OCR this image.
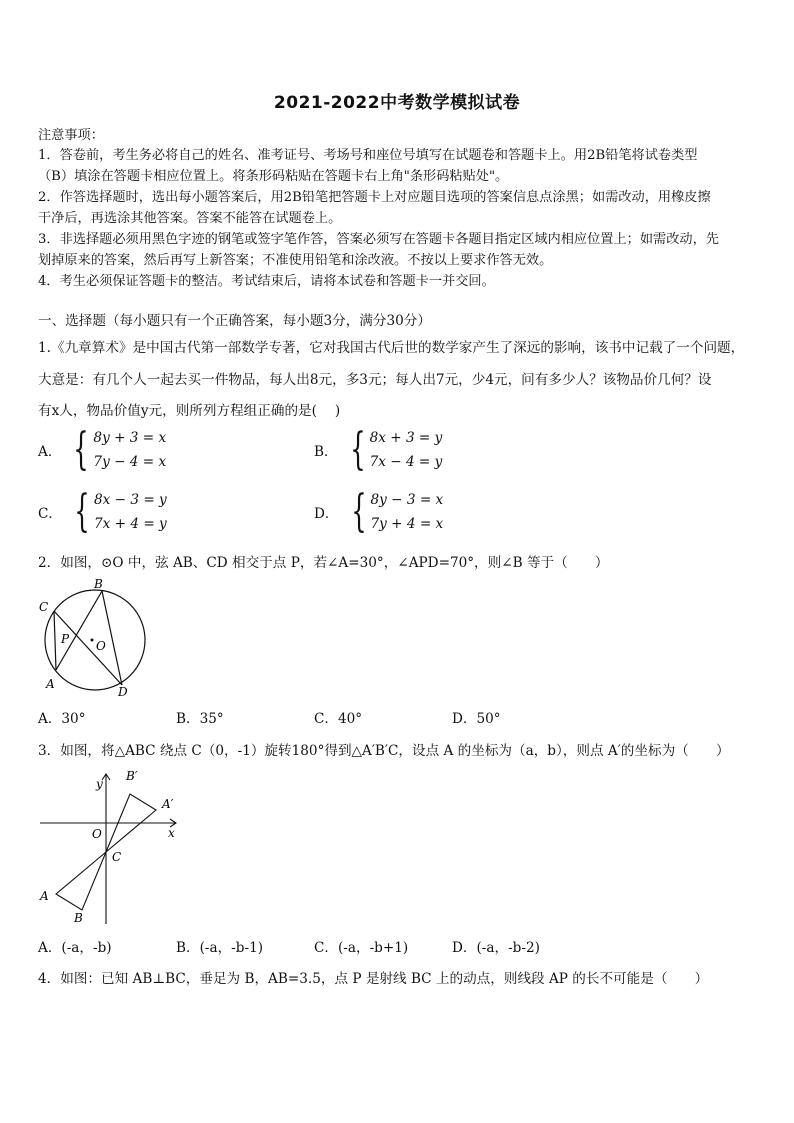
2021-2022中考数学模拟试卷
注意事项：
1．答卷前，考生务必将自己的姓名、准考证号、考场号和座位号填写在试题卷和答题卡上。用2B铅笔将试卷类型
（B）填涂在答题卡相应位置上。将条形码粘贴在答题卡右上角"条形码粘贴处"。
2．作答选择题时，选出每小题答案后，用2B铅笔把答题卡上对应题目选项的答案信息点涂黑；如需改动，用橡皮擦
干净后，再选涂其他答案。答案不能答在试题卷上。
3．非选择题必须用黑色字迹的钢笔或签字笔作答，答案必须写在答题卡各题目指定区域内相应位置上；如需改动，先
划掉原来的答案，然后再写上新答案；不准使用铅笔和涂改液。不按以上要求作答无效。
4．考生必须保证答题卡的整洁。考试结束后，请将本试卷和答题卡一并交回。
一、选择题（每小题只有一个正确答案，每小题3分，满分30分）
1.《九章算术》是中国古代第一部数学专著，它对我国古代后世的数学家产生了深远的影响，该书中记载了一个问题，
大意是：有几个人一起去买一件物品，每人出8元，多3元；每人出7元，少4元，问有多少人？该物品价几何？设
有x人，物品价值y元，则所列方程组正确的是(　 )
A． { 8y + 3 = x
7y − 4 = x
B． { 8x + 3 = y
7x − 4 = y
C． { 8x − 3 = y
7x + 4 = y
D． { 8y − 3 = x
7y + 4 = x
2．如图，⊙O 中，弦 AB、CD 相交于点 P，若∠A=30°，∠APD=70°，则∠B 等于（　　）
B
C
P O
A
D
A．30°	B．35°	C．40°	D．50°
3．如图，将△ABC 绕点 C（0，-1）旋转180°得到△A′B′C，设点 A 的坐标为（a，b），则点 A′的坐标为（　　）
y
x
O
C
A
B
A′
B′
A．(-a，-b)	B．(-a，-b-1)	C．(-a，-b+1)	D．(-a，-b-2)
4．如图：已知 AB⊥BC，垂足为 B，AB=3.5，点 P 是射线 BC 上的动点，则线段 AP 的长不可能是（　　）
